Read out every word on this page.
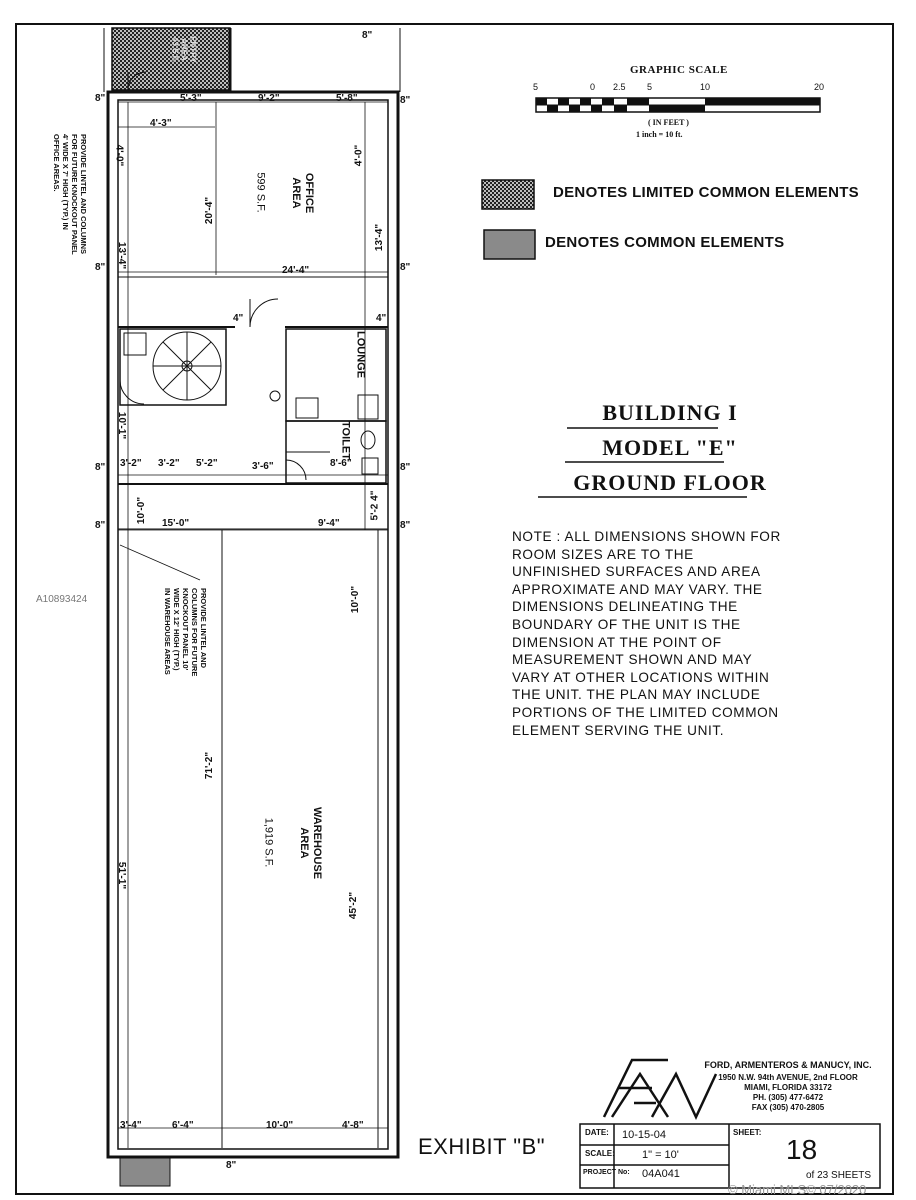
GRAPHIC SCALE
5	0 2.5 5	10	20
( IN FEET )
1 inch = 10 ft.
DENOTES LIMITED COMMON ELEMENTS
DENOTES COMMON ELEMENTS
BUILDING I
MODEL "E"
GROUND FLOOR
NOTE : ALL DIMENSIONS SHOWN FOR
ROOM SIZES ARE TO THE
UNFINISHED SURFACES AND AREA
APPROXIMATE AND MAY VARY. THE
DIMENSIONS DELINEATING THE
BOUNDARY OF THE UNIT IS THE
DIMENSION AT THE POINT OF
MEASUREMENT SHOWN AND MAY
VARY AT OTHER LOCATIONS WITHIN
THE UNIT. THE PLAN MAY INCLUDE
PORTIONS OF THE LIMITED COMMON
ELEMENT SERVING THE UNIT.
OFFICE
AREA
599 S.F.
WAREHOUSE
AREA
1,919 S.F.
LOUNGE
TOILET
ENTRY
AREA
43 S.F.
PROVIDE LINTEL AND COLUMNS
FOR FUTURE KNOCKOUT PANEL
4' WIDE X 7' HIGH (TYP.) IN
OFFICE AREAS.
PROVIDE LINTEL AND
COLUMNS FOR FUTURE
KNOCKOUT PANEL 10'
WIDE X 12' HIGH (TYP.)
IN WAREHOUSE AREAS
5'-3"	9'-2"	5'-8"
4'-3"
8"	8"
24'-4"
8"	8"
4"	4"
3'-2" 3'-2" 5'-2"	3'-6"	8'-6"
8"	8"
15'-0"	9'-4"
8"	8"
3'-4"	6'-4"	10'-0"	4'-8"
8"
8"
4'-0"	4'-0"
20'-4"
13'-4"
13'-4"
10'-1"
10'-0"	5'-2 4"
10'-0"
71'-2"
45'-2"
51'-1"
EXHIBIT "B"
FORD, ARMENTEROS & MANUCY, INC.
1950 N.W. 94th AVENUE, 2nd FLOOR
MIAMI, FLORIDA 33172
PH. (305) 477-6472
FAX (305) 470-2805
DATE: 10-15-04
SCALE: 1" = 10'
PROJECT No: 04A041
SHEET:
18
of 23 SHEETS
A10893424
© Miami MLS© 07/2020
